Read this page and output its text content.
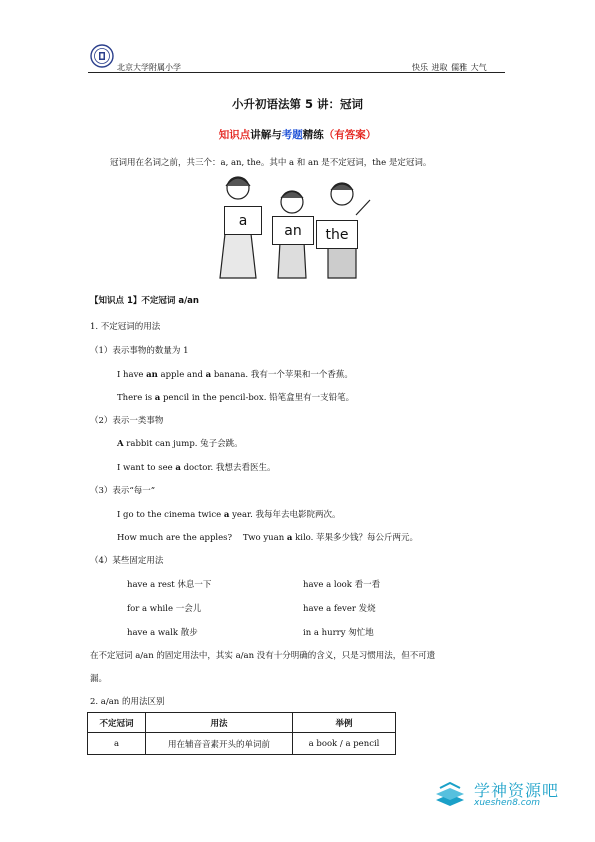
北京大学附属小学	快乐 进取 儒雅 大气
小升初语法第 5 讲：冠词
知识点讲解与考题精练（有答案）
冠词用在名词之前，共三个：a, an, the。其中 a 和 an 是不定冠词，the 是定冠词。
a
an	the
【知识点 1】不定冠词 a/an
1. 不定冠词的用法
（1）表示事物的数量为 1
I have an apple and a banana. 我有一个苹果和一个香蕉。
There is a pencil in the pencil-box. 铅笔盒里有一支铅笔。
（2）表示一类事物
A rabbit can jump. 兔子会跳。
I want to see a doctor. 我想去看医生。
（3）表示“每一”
I go to the cinema twice a year. 我每年去电影院两次。
How much are the apples?    Two yuan a kilo. 苹果多少钱？每公斤两元。
（4）某些固定用法
have a rest 休息一下	have a look 看一看
for a while 一会儿	have a fever 发烧
have a walk 散步	in a hurry 匆忙地
在不定冠词 a/an 的固定用法中，其实 a/an 没有十分明确的含义，只是习惯用法，但不可遗
漏。
2. a/an 的用法区别
不定冠词	用法	举例
a	用在辅音音素开头的单词前	a book / a pencil
学神资源吧
xueshen8.com
